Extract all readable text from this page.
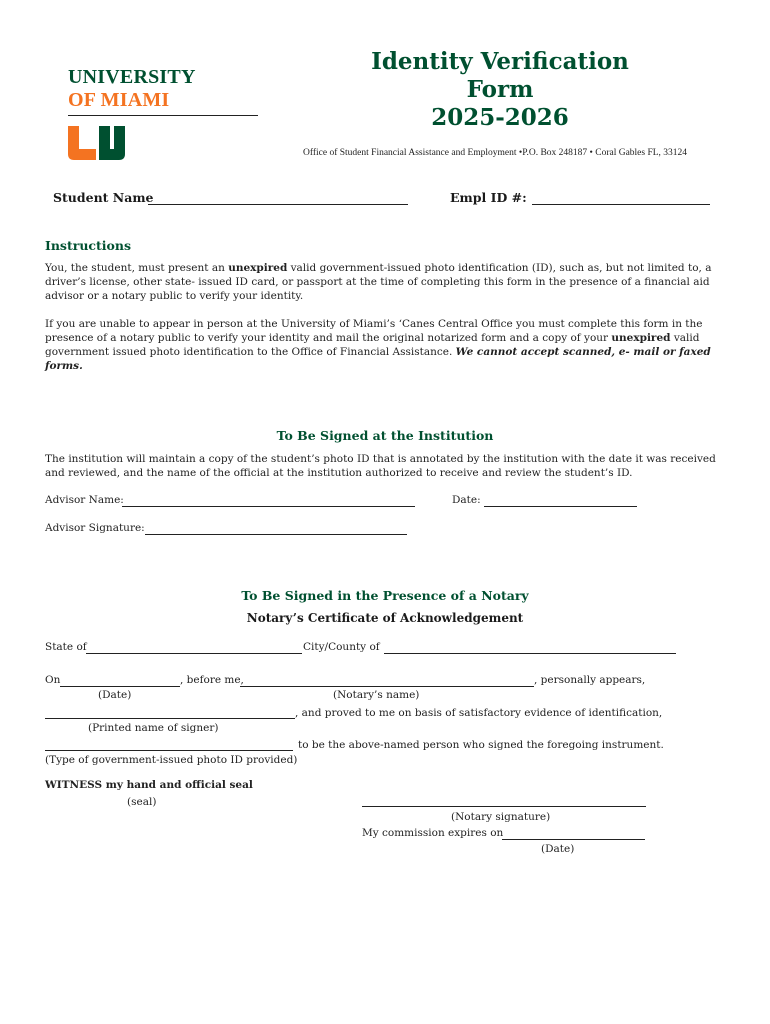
UNIVERSITY
OF MIAMI
Identity Verification
Form
2025-2026
Office of Student Financial Assistance and Employment •P.O. Box 248187 • Coral Gables FL, 33124
Student Name	Empl ID #:
Instructions
You, the student, must present an unexpired valid government-issued photo identification (ID), such as, but not limited to, a driver’s license, other state- issued ID card, or passport at the time of completing this form in the presence of a financial aid advisor or a notary public to verify your identity.
If you are unable to appear in person at the University of Miami’s ‘Canes Central Office you must complete this form in the presence of a notary public to verify your identity and mail the original notarized form and a copy of your unexpired valid government issued photo identification to the Office of Financial Assistance. We cannot accept scanned, e- mail or faxed forms.
To Be Signed at the Institution
The institution will maintain a copy of the student’s photo ID that is annotated by the institution with the date it was received and reviewed, and the name of the official at the institution authorized to receive and review the student’s ID.
Advisor Name:	Date:
Advisor Signature:
To Be Signed in the Presence of a Notary
Notary’s Certificate of Acknowledgement
State of	City/County of
On	, before me,	, personally appears,
(Date)	(Notary’s name)
, and proved to me on basis of satisfactory evidence of identification,
(Printed name of signer)
to be the above-named person who signed the foregoing instrument.
(Type of government-issued photo ID provided)
WITNESS my hand and official seal
(seal)
(Notary signature)
My commission expires on
(Date)
